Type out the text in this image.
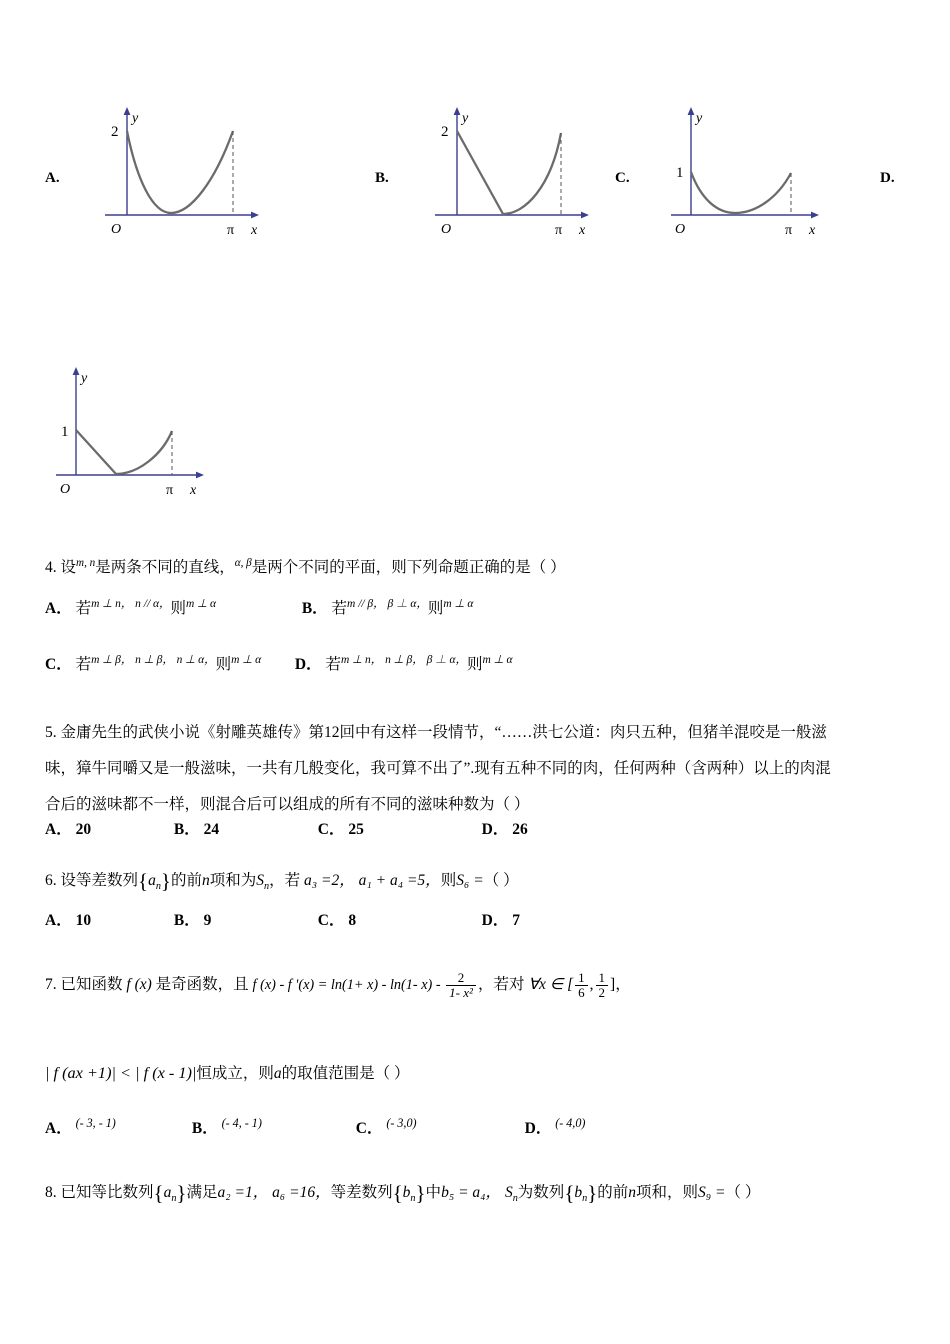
A.
2
O	π x
y
B.
2
O	π x
y
C.	1
O	π x
y
D.
1
O	π x
y
4. 设$^{m, n}$是两条不同的直线，$^{\alpha, \beta}$是两个不同的平面，则下列命题正确的是（ ）
A． 若$^{m \perp n, n // \alpha,}$则$^{m \perp \alpha}$	B． 若$^{m // \beta, \beta \perp \alpha,}$则$^{m \perp \alpha}$
C． 若$^{m \perp \beta, n \perp \beta, n \perp \alpha,}$则$^{m \perp \alpha}$ D． 若$^{m \perp n, n \perp \beta, \beta \perp \alpha,}$则$^{m \perp \alpha}$
5. 金庸先生的武侠小说《射雕英雄传》第12回中有这样一段情节，“……洪七公道：肉只五种，但猪羊混咬是一般滋
味，獐牛同嚼又是一般滋味，一共有几般变化，我可算不出了”.现有五种不同的肉，任何两种（含两种）以上的肉混
合后的滋味都不一样，则混合后可以组成的所有不同的滋味种数为（ ）
A． 20	B． 24	C． 25	D． 26
6. 设等差数列$\{a_n\}$的前n项和为$S_n$，若 a₃ =2， a₁ + a₄ =5，则S₆ =（ ）
A． 10	B． 9	C． 8	D． 7
7. 已知函数 f (x) 是奇函数，且 f (x) - f '(x) = ln(1+ x) - ln(1- $x) - \frac{2}{\text{1- x²}}$ ，若对 ∀x ∈ [ $\frac{1}{6}$ , $\frac{1}{2}$ ]，
| f (ax +1)| < | f (x - 1)|恒成立，则a的取值范围是（ ）
A． $^{(- 3, - 1)}$	B． $^{(- 4, - 1)}$	C． $^{(- 3,0)}$	D． $^{(- 4,0)}$
8. 已知等比数列$\{a_n\}$满足a₂ =1， a₆ =16，等差数列$\{b_n\}$中b₅ = a₄， $S_n$为数列$\{b_n\}$的前n项和，则S₉ =（ ）
